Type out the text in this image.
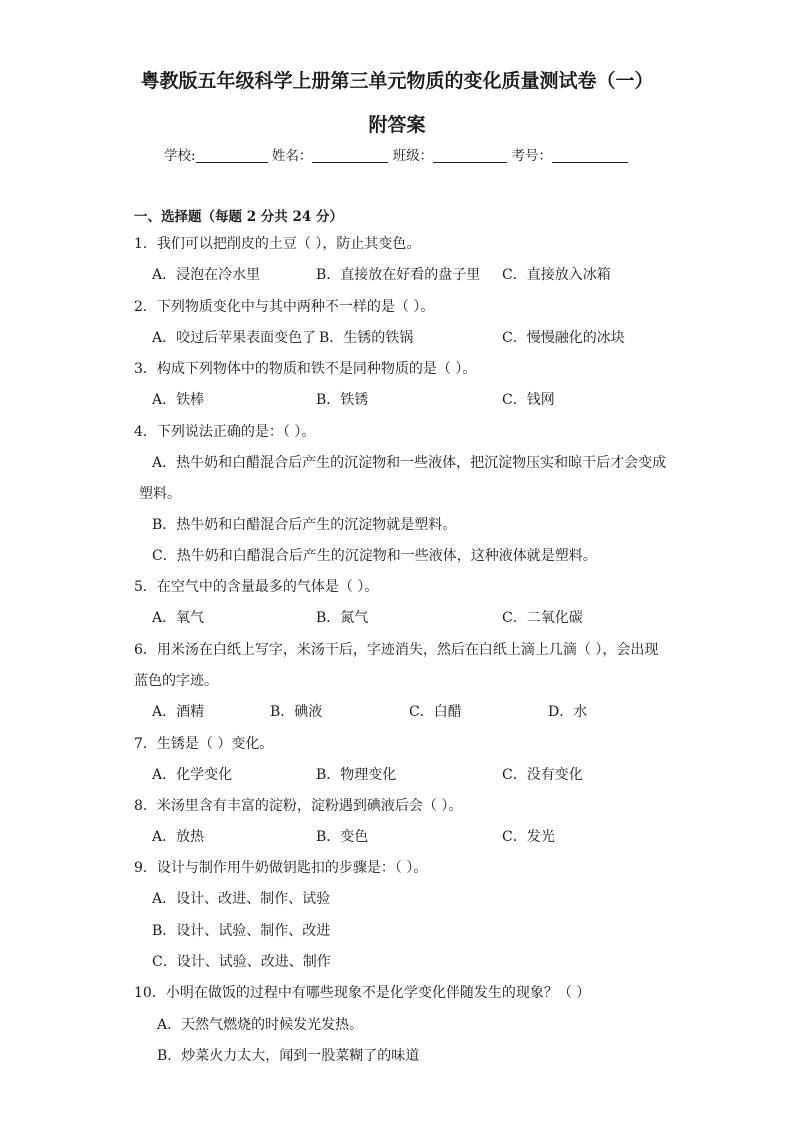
粤教版五年级科学上册第三单元物质的变化质量测试卷（一）
附答案
学校:	姓名：	班级：	考号：
一、选择题（每题 2 分共 24 分）
1．我们可以把削皮的土豆（ ），防止其变色。
A．浸泡在冷水里	B．直接放在好看的盘子里 C．直接放入冰箱
2．下列物质变化中与其中两种不一样的是（ ）。
A．咬过后苹果表面变色了 B．生锈的铁锅	C．慢慢融化的冰块
3．构成下列物体中的物质和铁不是同种物质的是（ ）。
A．铁棒	B．铁锈	C．钱网
4．下列说法正确的是：（ ）。
A．热牛奶和白醋混合后产生的沉淀物和一些液体，把沉淀物压实和晾干后才会变成
塑料。
B．热牛奶和白醋混合后产生的沉淀物就是塑料。
C．热牛奶和白醋混合后产生的沉淀物和一些液体，这种液体就是塑料。
5．在空气中的含量最多的气体是（ ）。
A．氧气	B．氮气	C．二氧化碳
6．用米汤在白纸上写字，米汤干后，字迹消失，然后在白纸上滴上几滴（ ），会出现
蓝色的字迹。
A．酒精	B．碘液	C．白醋	D．水
7．生锈是（ ）变化。
A．化学变化	B．物理变化	C．没有变化
8．米汤里含有丰富的淀粉，淀粉遇到碘液后会（ ）。
A．放热	B．变色	C．发光
9．设计与制作用牛奶做钥匙扣的步骤是：（ ）。
A．设计、改进、制作、试验
B．设计、试验、制作、改进
C．设计、试验、改进、制作
10．小明在做饭的过程中有哪些现象不是化学变化伴随发生的现象？（ ）
A．天然气燃烧的时候发光发热。
B．炒菜火力太大，闻到一股菜糊了的味道
